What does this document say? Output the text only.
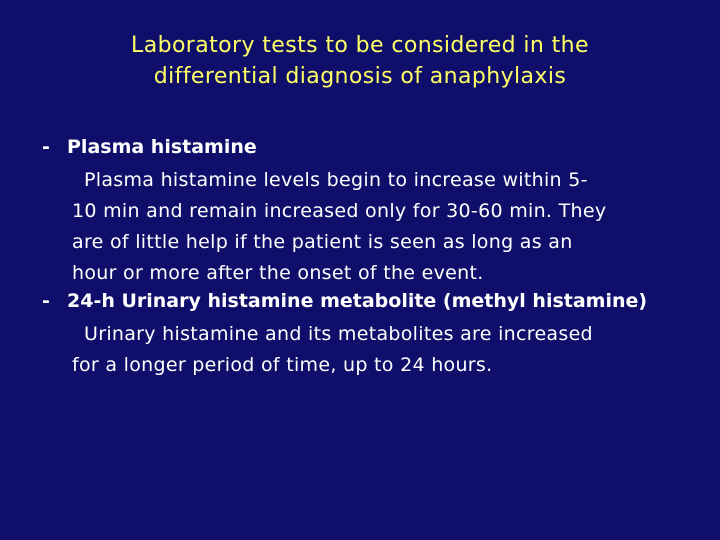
Laboratory tests to be considered in the
differential diagnosis of anaphylaxis
- Plasma histamine
Plasma histamine levels begin to increase within 5-
10 min and remain increased only for 30-60 min. They
are of little help if the patient is seen as long as an
hour or more after the onset of the event.
- 24-h Urinary histamine metabolite (methyl histamine)
Urinary histamine and its metabolites are increased
for a longer period of time, up to 24 hours.
